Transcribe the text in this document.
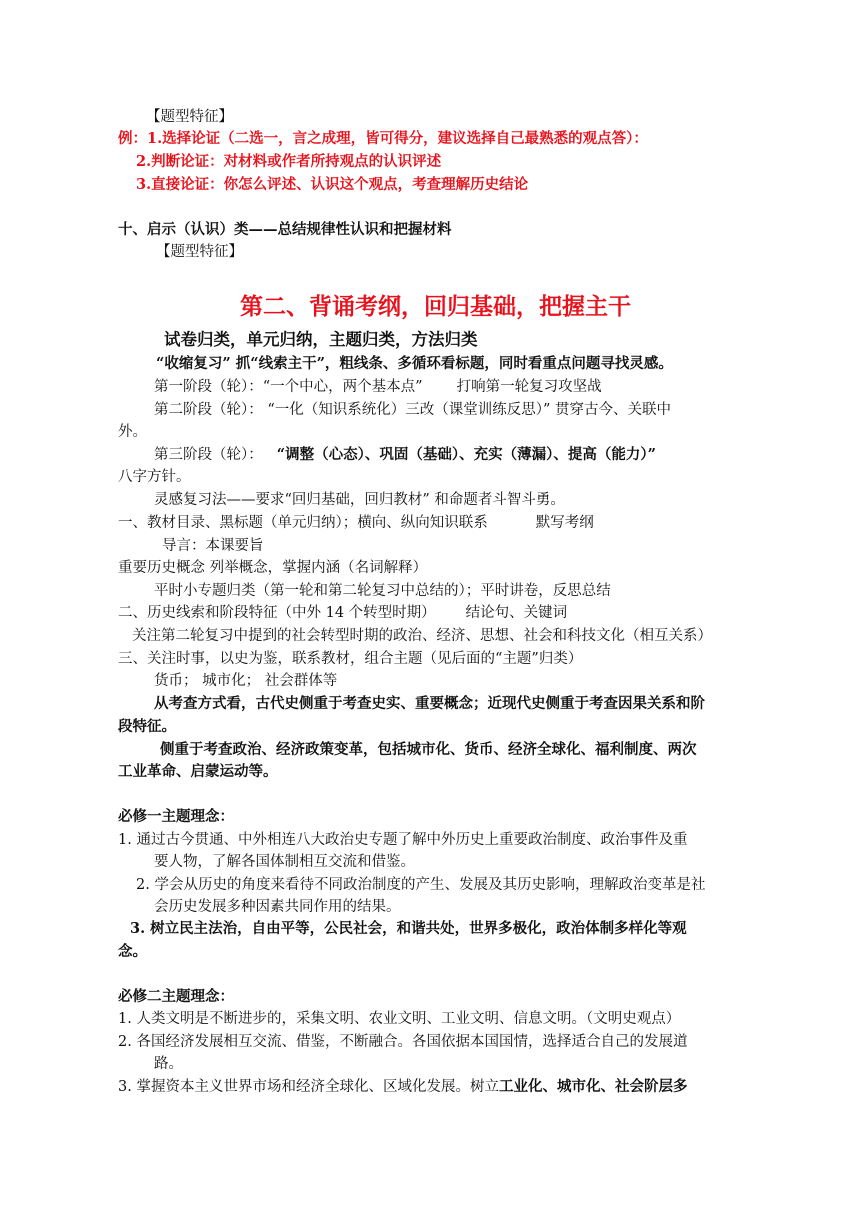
【题型特征】
例：1.选择论证（二选一，言之成理，皆可得分，建议选择自己最熟悉的观点答）：
2.判断论证：对材料或作者所持观点的认识评述
3.直接论证：你怎么评述、认识这个观点，考查理解历史结论
十、启示（认识）类——总结规律性认识和把握材料
【题型特征】
第二、背诵考纲，回归基础，把握主干
试卷归类，单元归纳，主题归类，方法归类
“收缩复习” 抓“线索主干”，粗线条、多循环看标题，同时看重点问题寻找灵感。
第一阶段（轮）：“一个中心，两个基本点” 打响第一轮复习攻坚战
第二阶段（轮）： “一化（知识系统化）三改（课堂训练反思）” 贯穿古今、关联中
外。
第三阶段（轮）： “调整（心态）、巩固（基础）、充实（薄漏）、提高（能力）”
八字方针。
灵感复习法——要求“回归基础，回归教材” 和命题者斗智斗勇。
一、教材目录、黑标题（单元归纳）；横向、纵向知识联系	默写考纲
导言：本课要旨
重要历史概念 列举概念，掌握内涵（名词解释）
平时小专题归类（第一轮和第二轮复习中总结的）；平时讲卷，反思总结
二、历史线索和阶段特征（中外 14 个转型时期） 结论句、关键词
关注第二轮复习中提到的社会转型时期的政治、经济、思想、社会和科技文化（相互关系）
三、关注时事，以史为鉴，联系教材，组合主题（见后面的“主题”归类）
货币； 城市化； 社会群体等
从考查方式看，古代史侧重于考查史实、重要概念；近现代史侧重于考查因果关系和阶
段特征。
侧重于考查政治、经济政策变革，包括城市化、货币、经济全球化、福利制度、两次
工业革命、启蒙运动等。
必修一主题理念：
1. 通过古今贯通、中外相连八大政治史专题了解中外历史上重要政治制度、政治事件及重
要人物，了解各国体制相互交流和借鉴。
2. 学会从历史的角度来看待不同政治制度的产生、发展及其历史影响，理解政治变革是社
会历史发展多种因素共同作用的结果。
3. 树立民主法治，自由平等，公民社会，和谐共处，世界多极化，政治体制多样化等观
念。
必修二主题理念：
1. 人类文明是不断进步的，采集文明、农业文明、工业文明、信息文明。（文明史观点）
2. 各国经济发展相互交流、借鉴，不断融合。各国依据本国国情，选择适合自己的发展道
路。
3. 掌握资本主义世界市场和经济全球化、区域化发展。树立工业化、城市化、社会阶层多
